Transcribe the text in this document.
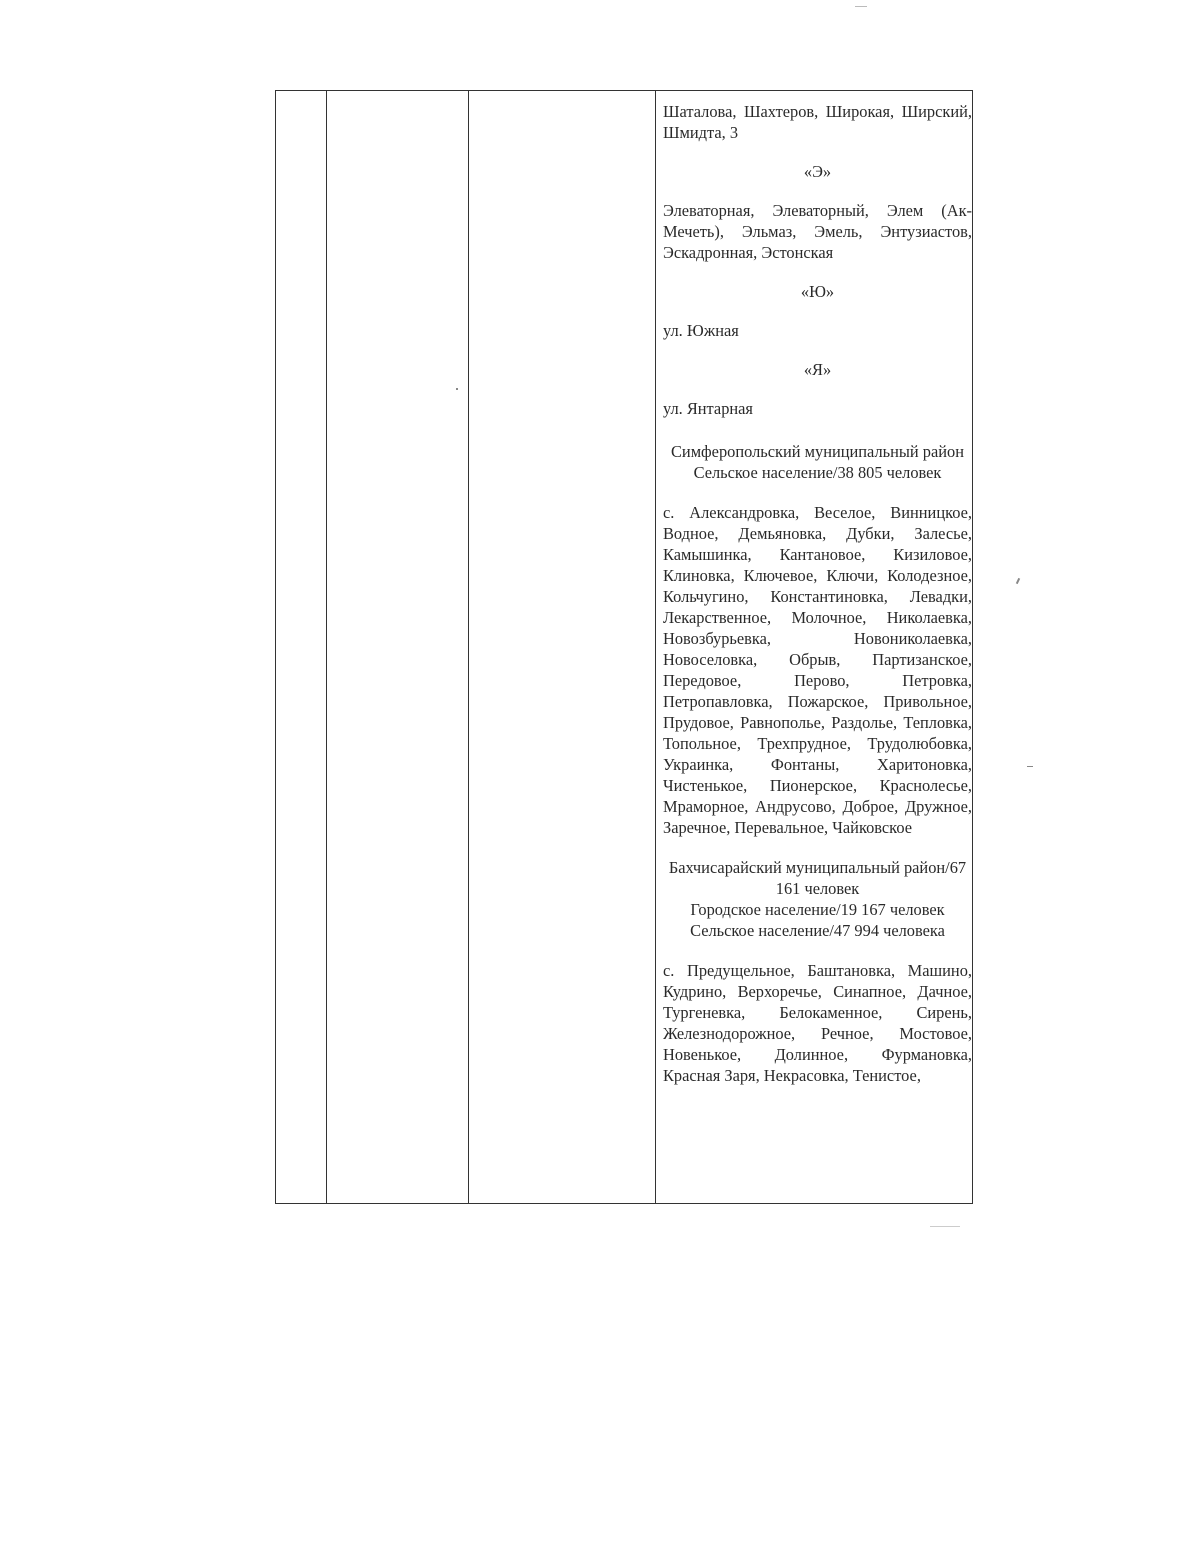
Шаталова, Шахтеров, Широкая, Ширский, Шмидта, 3

«Э»

Элеваторная, Элеваторный, Элем (Ак-Мечеть), Эльмаз, Эмель, Энтузиастов, Эскадронная, Эстонская

«Ю»

ул. Южная

«Я»

ул. Янтарная

Симферопольский муниципальный район

Сельское население/38 805 человек

с. Александровка, Веселое, Винницкое, Водное, Демьяновка, Дубки, Залесье, Камышинка, Кантановое, Кизиловое, Клиновка, Ключевое, Ключи, Колодезное, Кольчугино, Константиновка, Левадки, Лекарственное, Молочное, Николаевка, Новозбурьевка, Новониколаевка, Новоселовка, Обрыв, Партизанское, Передовое, Перово, Петровка, Петропавловка, Пожарское, Привольное, Прудовое, Равнополье, Раздолье, Тепловка, Топольное, Трехпрудное, Трудолюбовка, Украинка, Фонтаны, Харитоновка, Чистенькое, Пионерское, Краснолесье, Мраморное, Андрусово, Доброе, Дружное, Заречное, Перевальное, Чайковское

Бахчисарайский муниципальный район/67 161 человек

Городское население/19 167 человек

Сельское население/47 994 человека

с. Предущельное, Баштановка, Машино, Кудрино, Верхоречье, Синапное, Дачное, Тургеневка, Белокаменное, Сирень, Железнодорожное, Речное, Мостовое, Новенькое, Долинное, Фурмановка, Красная Заря, Некрасовка, Тенистое,
